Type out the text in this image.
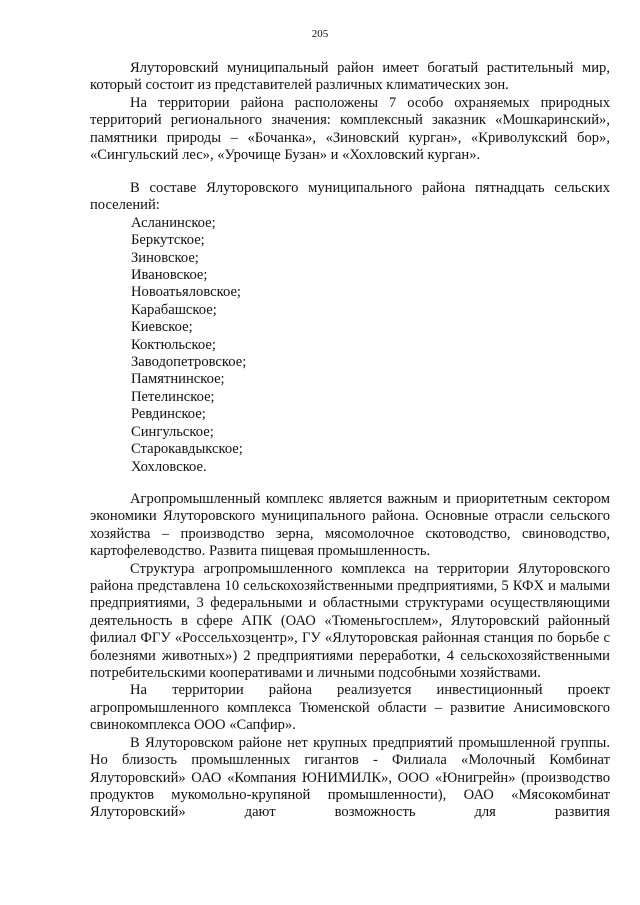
205

Ялуторовский муниципальный район имеет богатый растительный мир, который состоит из представителей различных климатических зон.

На территории района расположены 7 особо охраняемых природных территорий регионального значения: комплексный заказник «Мошкаринский», памятники природы – «Бочанка», «Зиновский курган», «Криволукский бор», «Сингульский лес», «Урочище Бузан» и «Хохловский курган».

В составе Ялуторовского муниципального района пятнадцать сельских поселений:

Асланинское;
Беркутское;
Зиновское;
Ивановское;
Новоатьяловское;
Карабашское;
Киевское;
Коктюльское;
Заводопетровское;
Памятнинское;
Петелинское;
Ревдинское;
Сингульское;
Старокавдыкское;
Хохловское.

Агропромышленный комплекс является важным и приоритетным сектором экономики Ялуторовского муниципального района. Основные отрасли сельского хозяйства – производство зерна, мясомолочное скотоводство, свиноводство, картофелеводство. Развита пищевая промышленность.

Структура агропромышленного комплекса на территории Ялуторовского района представлена 10 сельскохозяйственными предприятиями, 5 КФХ и малыми предприятиями, 3 федеральными и областными структурами осуществляющими деятельность в сфере АПК (ОАО «Тюменьгосплем», Ялуторовский районный филиал ФГУ «Россельхозцентр», ГУ «Ялуторовская районная станция по борьбе с болезнями животных») 2 предприятиями переработки, 4 сельскохозяйственными потребительскими кооперативами и личными подсобными хозяйствами.

На территории района реализуется инвестиционный проект агропромышленного комплекса Тюменской области – развитие Анисимовского свинокомплекса ООО «Сапфир».

В Ялуторовском районе нет крупных предприятий промышленной группы. Но близость промышленных гигантов - Филиала «Молочный Комбинат Ялуторовский» ОАО «Компания ЮНИМИЛК», ООО «Юнигрейн» (производство продуктов мукомольно-крупяной промышленности), ОАО «Мясокомбинат Ялуторовский» дают возможность для развития
